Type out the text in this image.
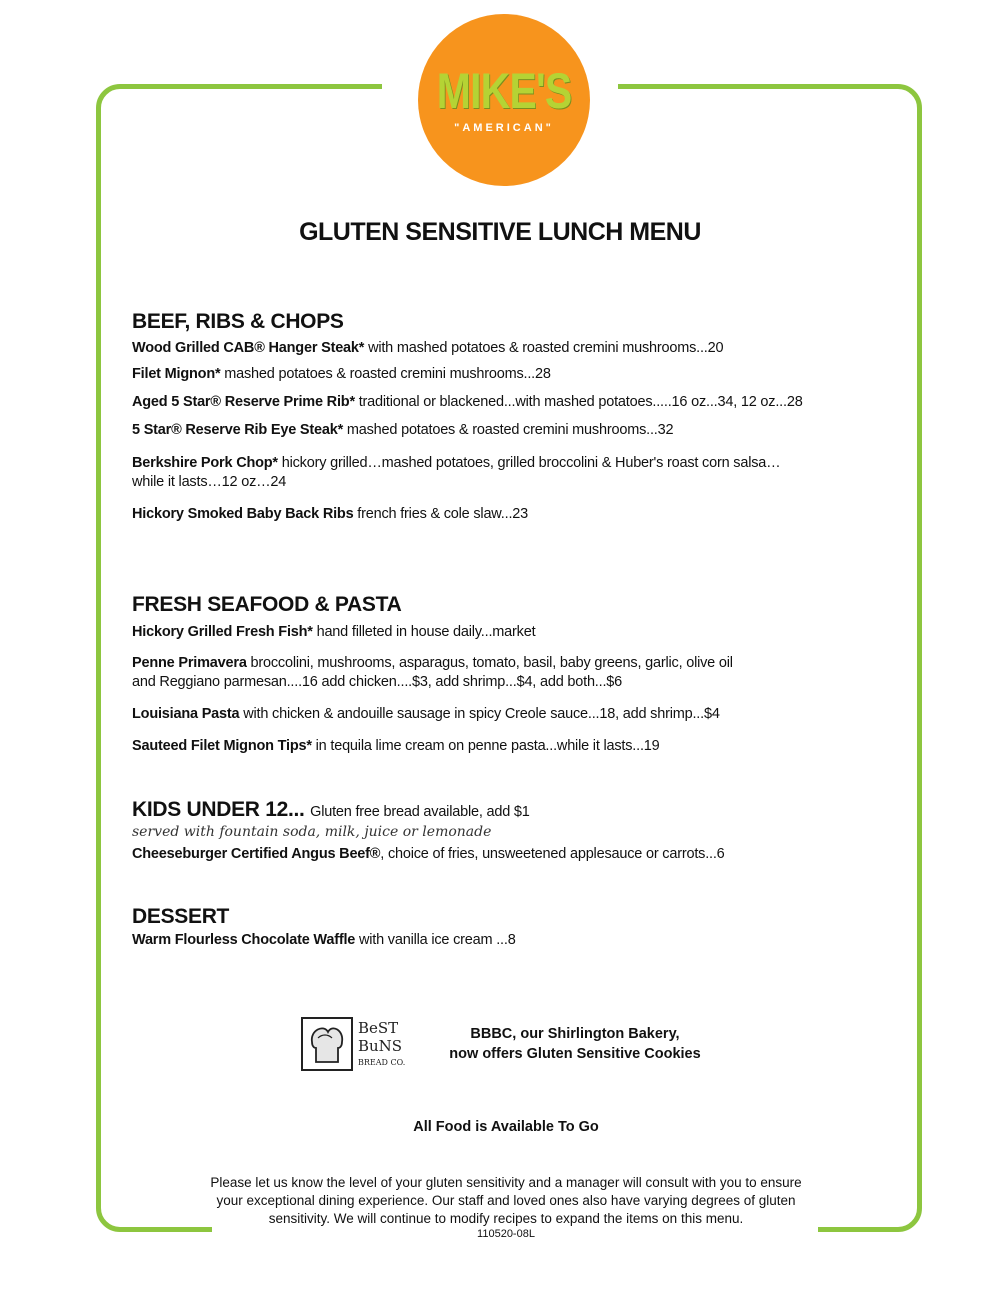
MIKE'S
"AMERICAN"
GLUTEN SENSITIVE LUNCH MENU
BEEF, RIBS & CHOPS

Wood Grilled CAB® Hanger Steak* with mashed potatoes & roasted cremini mushrooms...20

Filet Mignon* mashed potatoes & roasted cremini mushrooms...28

Aged 5 Star® Reserve Prime Rib* traditional or blackened...with mashed potatoes.....16 oz...34, 12 oz...28

5 Star® Reserve Rib Eye Steak* mashed potatoes & roasted cremini mushrooms...32

Berkshire Pork Chop* hickory grilled…mashed potatoes, grilled broccolini & Huber's roast corn salsa…
while it lasts…12 oz…24

Hickory Smoked Baby Back Ribs french fries & cole slaw...23

FRESH SEAFOOD & PASTA

Hickory Grilled Fresh Fish* hand filleted in house daily...market

Penne Primavera broccolini, mushrooms, asparagus, tomato, basil, baby greens, garlic, olive oil
and Reggiano parmesan....16 add chicken....$3, add shrimp...$4, add both...$6

Louisiana Pasta with chicken & andouille sausage in spicy Creole sauce...18, add shrimp...$4

Sauteed Filet Mignon Tips* in tequila lime cream on penne pasta...while it lasts...19

KIDS UNDER 12... Gluten free bread available, add $1
served with fountain soda, milk, juice or lemonade

Cheeseburger Certified Angus Beef®, choice of fries, unsweetened applesauce or carrots...6

DESSERT

Warm Flourless Chocolate Waffle with vanilla ice cream ...8

BeST
BuNS
BREAD CO.
BBBC, our Shirlington Bakery,
now offers Gluten Sensitive Cookies
All Food is Available To Go
Please let us know the level of your gluten sensitivity and a manager will consult with you to ensure
your exceptional dining experience. Our staff and loved ones also have varying degrees of gluten
sensitivity. We will continue to modify recipes to expand the items on this menu.
110520-08L
